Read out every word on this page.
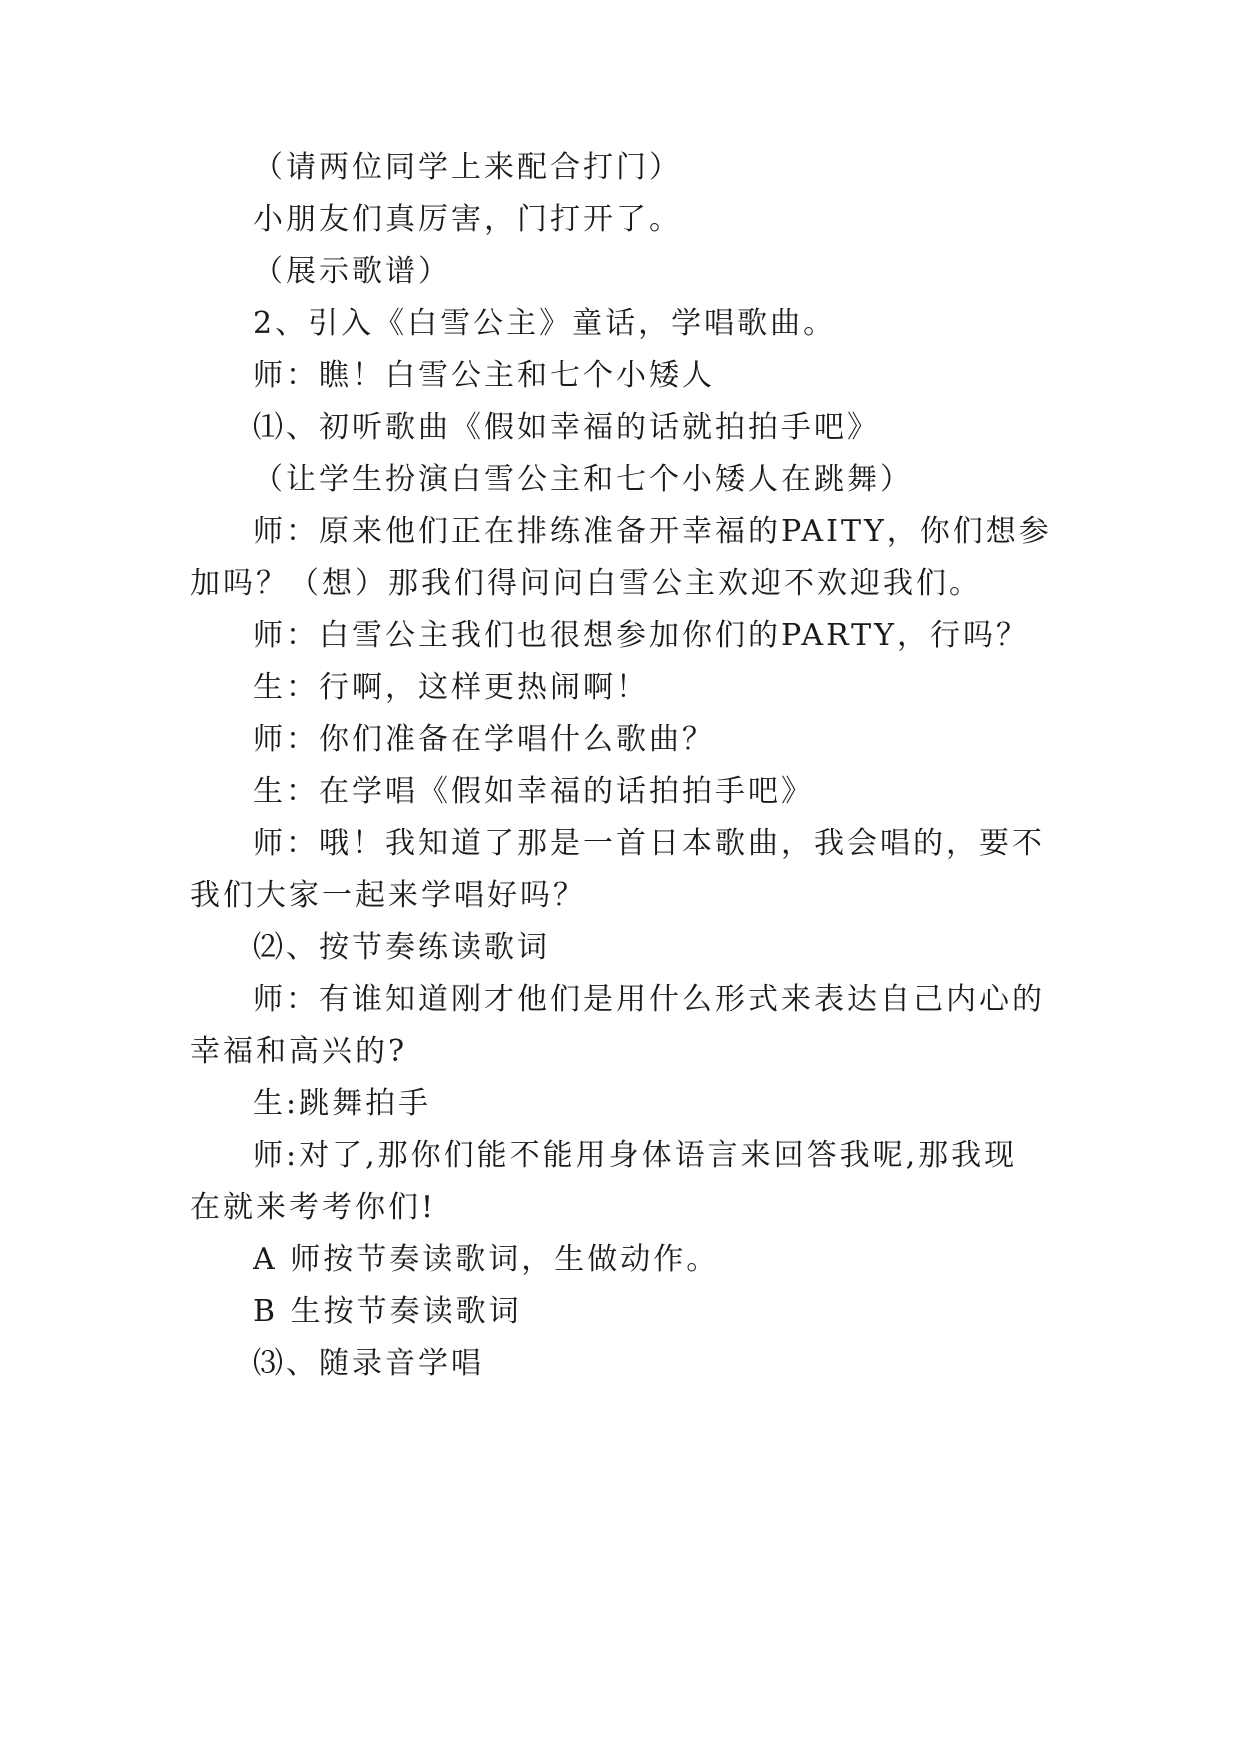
（请两位同学上来配合打门）
小朋友们真厉害，门打开了。
（展示歌谱）
2、引入《白雪公主》童话，学唱歌曲。
师：瞧！白雪公主和七个小矮人
⑴、初听歌曲《假如幸福的话就拍拍手吧》
（让学生扮演白雪公主和七个小矮人在跳舞）
师：原来他们正在排练准备开幸福的PAITY，你们想参
加吗？（想）那我们得问问白雪公主欢迎不欢迎我们。
师：白雪公主我们也很想参加你们的PARTY，行吗？
生：行啊，这样更热闹啊！
师：你们准备在学唱什么歌曲？
生：在学唱《假如幸福的话拍拍手吧》
师：哦！我知道了那是一首日本歌曲，我会唱的，要不
我们大家一起来学唱好吗？
⑵、按节奏练读歌词
师：有谁知道刚才他们是用什么形式来表达自己内心的
幸福和高兴的?
生:跳舞拍手
师:对了,那你们能不能用身体语言来回答我呢,那我现
在就来考考你们!
A 师按节奏读歌词，生做动作。
B 生按节奏读歌词
⑶、随录音学唱
